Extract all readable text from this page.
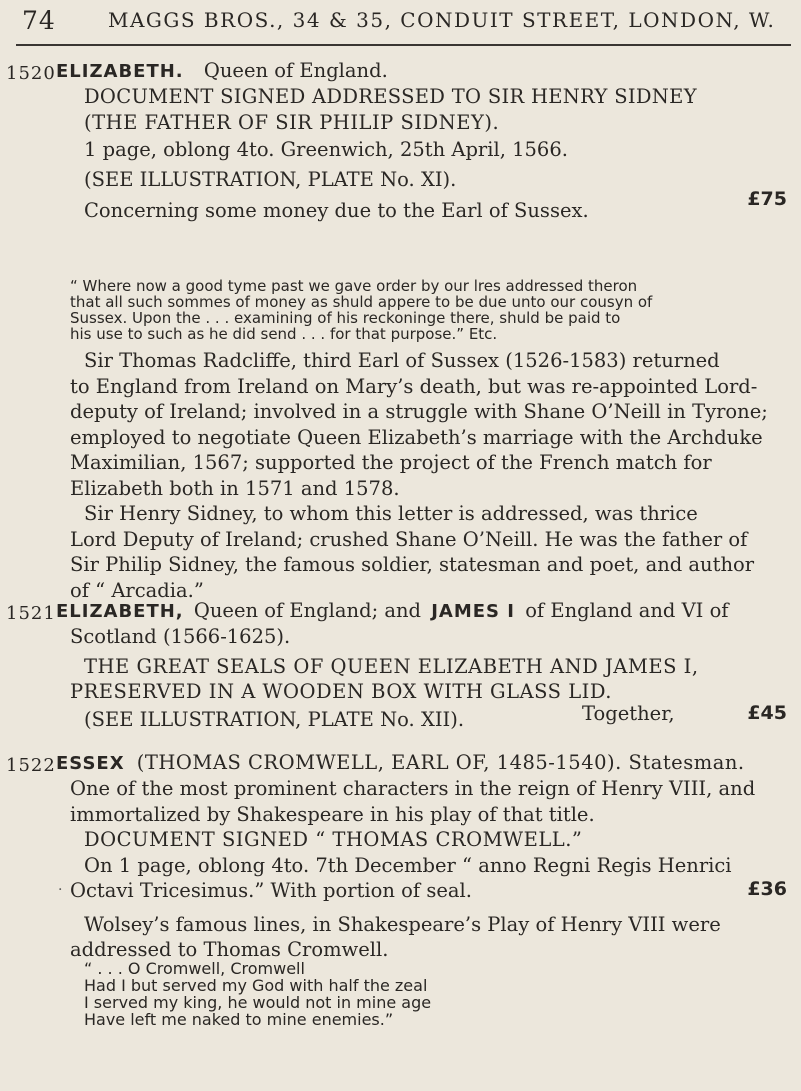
74	MAGGS BROS., 34 & 35, CONDUIT STREET, LONDON, W.
1520 ELIZABETH. Queen of England.
DOCUMENT SIGNED ADDRESSED TO SIR HENRY SIDNEY
(THE FATHER OF SIR PHILIP SIDNEY).
1 page, oblong 4to. Greenwich, 25th April, 1566.
(SEE ILLUSTRATION, PLATE No. XI).
Concerning some money due to the Earl of Sussex.	£75
“ Where now a good tyme past we gave order by our lres addressed theron
that all such sommes of money as shuld appere to be due unto our cousyn of
Sussex. Upon the . . . examining of his reckoninge there, shuld be paid to
his use to such as he did send . . . for that purpose.” Etc.
Sir Thomas Radcliffe, third Earl of Sussex (1526-1583) returned
to England from Ireland on Mary’s death, but was re-appointed Lord-
deputy of Ireland; involved in a struggle with Shane O’Neill in Tyrone;
employed to negotiate Queen Elizabeth’s marriage with the Archduke
Maximilian, 1567; supported the project of the French match for
Elizabeth both in 1571 and 1578.
Sir Henry Sidney, to whom this letter is addressed, was thrice
Lord Deputy of Ireland; crushed Shane O’Neill. He was the father of
Sir Philip Sidney, the famous soldier, statesman and poet, and author
of “ Arcadia.”
1521 ELIZABETH, Queen of England; and JAMES I of England and VI of
Scotland (1566-1625).
THE GREAT SEALS OF QUEEN ELIZABETH AND JAMES I,
PRESERVED IN A WOODEN BOX WITH GLASS LID.
(SEE ILLUSTRATION, PLATE No. XII).	Together,	£45
1522 ESSEX (THOMAS CROMWELL, EARL OF, 1485-1540). Statesman.
One of the most prominent characters in the reign of Henry VIII, and
immortalized by Shakespeare in his play of that title.
DOCUMENT SIGNED “ THOMAS CROMWELL.”
On 1 page, oblong 4to. 7th December “ anno Regni Regis Henrici
Octavi Tricesimus.” With portion of seal.
Wolsey’s famous lines, in Shakespeare’s Play of Henry VIII were
addressed to Thomas Cromwell.
.	£36
“ . . . O Cromwell, Cromwell
Had I but served my God with half the zeal
I served my king, he would not in mine age
Have left me naked to mine enemies.”
